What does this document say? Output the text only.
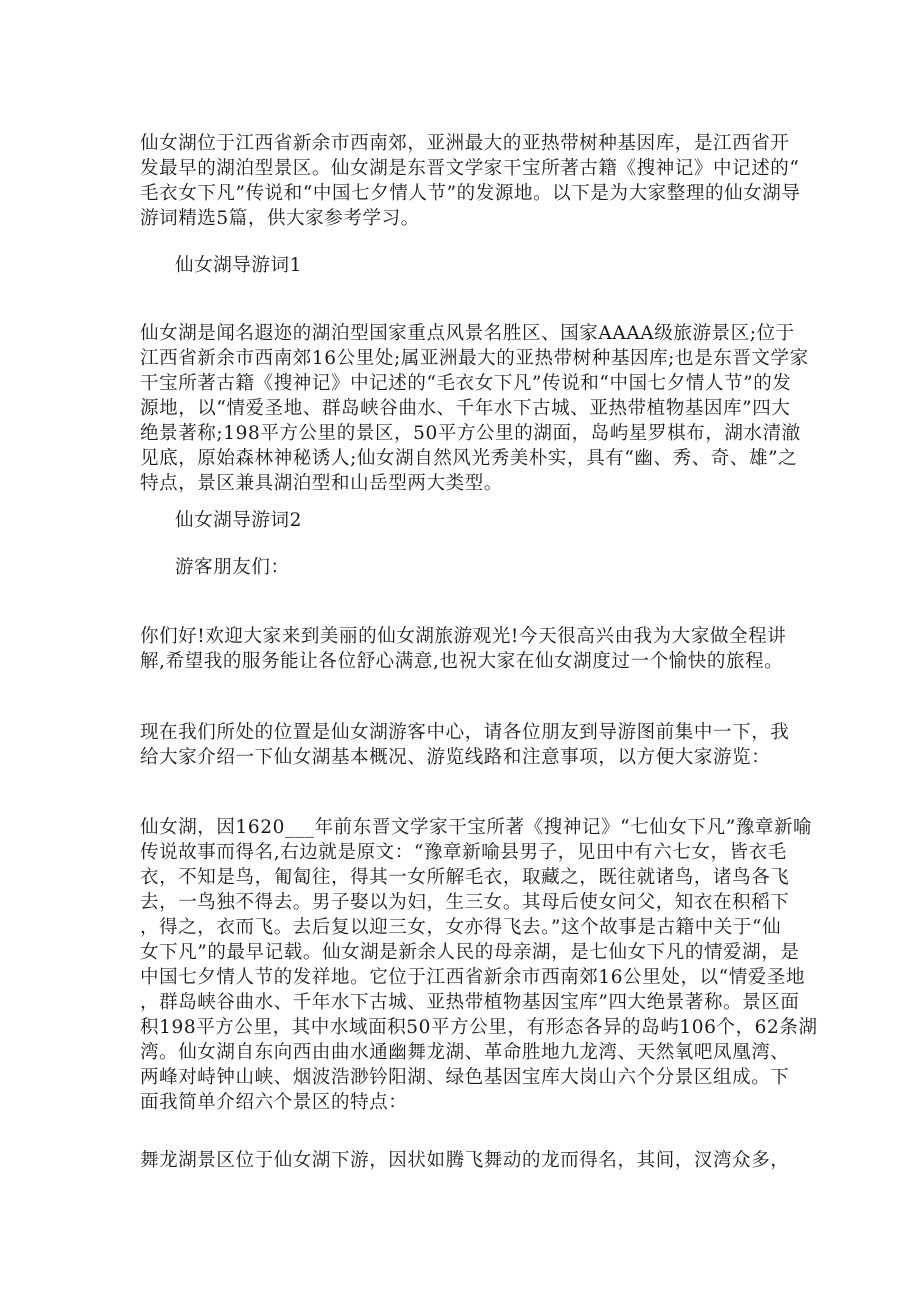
仙女湖位于江西省新余市西南郊，亚洲最大的亚热带树种基因库，是江西省开
发最早的湖泊型景区。仙女湖是东晋文学家干宝所著古籍《搜神记》中记述的“
毛衣女下凡”传说和“中国七夕情人节”的发源地。以下是为大家整理的仙女湖导
游词精选5篇，供大家参考学习。
仙女湖导游词1
仙女湖是闻名遐迩的湖泊型国家重点风景名胜区、国家AAAA级旅游景区;位于
江西省新余市西南郊16公里处;属亚洲最大的亚热带树种基因库;也是东晋文学家
干宝所著古籍《搜神记》中记述的“毛衣女下凡”传说和“中国七夕情人节”的发
源地，以“情爱圣地、群岛峡谷曲水、千年水下古城、亚热带植物基因库”四大
绝景著称;198平方公里的景区，50平方公里的湖面，岛屿星罗棋布，湖水清澈
见底，原始森林神秘诱人;仙女湖自然风光秀美朴实，具有“幽、秀、奇、雄”之
特点，景区兼具湖泊型和山岳型两大类型。
仙女湖导游词2
游客朋友们：
你们好!欢迎大家来到美丽的仙女湖旅游观光!今天很高兴由我为大家做全程讲
解,希望我的服务能让各位舒心满意,也祝大家在仙女湖度过一个愉快的旅程。
现在我们所处的位置是仙女湖游客中心，请各位朋友到导游图前集中一下，我
给大家介绍一下仙女湖基本概况、游览线路和注意事项，以方便大家游览：
仙女湖，因1620___年前东晋文学家干宝所著《搜神记》“七仙女下凡”豫章新喻
传说故事而得名,右边就是原文：“豫章新喻县男子，见田中有六七女，皆衣毛
衣，不知是鸟，匍匐往，得其一女所解毛衣，取藏之，既往就诸鸟，诸鸟各飞
去，一鸟独不得去。男子娶以为妇，生三女。其母后使女问父，知衣在积稻下
，得之，衣而飞。去后复以迎三女，女亦得飞去。”这个故事是古籍中关于“仙
女下凡”的最早记载。仙女湖是新余人民的母亲湖，是七仙女下凡的情爱湖，是
中国七夕情人节的发祥地。它位于江西省新余市西南郊16公里处，以“情爱圣地
，群岛峡谷曲水、千年水下古城、亚热带植物基因宝库”四大绝景著称。景区面
积198平方公里，其中水域面积50平方公里，有形态各异的岛屿106个，62条湖
湾。仙女湖自东向西由曲水通幽舞龙湖、革命胜地九龙湾、天然氧吧凤凰湾、
两峰对峙钟山峡、烟波浩渺钤阳湖、绿色基因宝库大岗山六个分景区组成。下
面我简单介绍六个景区的特点：
舞龙湖景区位于仙女湖下游，因状如腾飞舞动的龙而得名，其间，汊湾众多，
